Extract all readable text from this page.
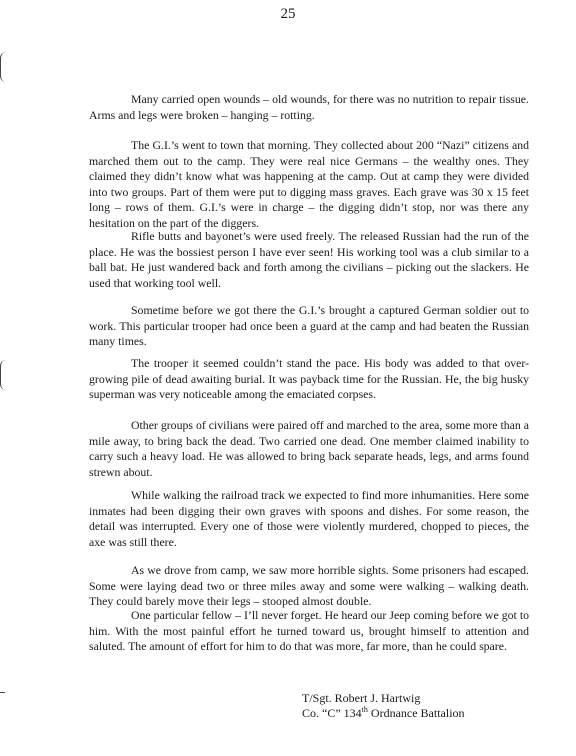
25

Many carried open wounds – old wounds, for there was no nutrition to repair tissue. Arms and legs were broken – hanging – rotting.

The G.I.’s went to town that morning. They collected about 200 “Nazi” citizens and marched them out to the camp. They were real nice Germans – the wealthy ones. They claimed they didn’t know what was happening at the camp. Out at camp they were divided into two groups. Part of them were put to digging mass graves. Each grave was 30 x 15 feet long – rows of them. G.I.’s were in charge – the digging didn’t stop, nor was there any hesitation on the part of the diggers.

Rifle butts and bayonet’s were used freely. The released Russian had the run of the place. He was the bossiest person I have ever seen! His working tool was a club similar to a ball bat. He just wandered back and forth among the civilians – picking out the slackers. He used that working tool well.

Sometime before we got there the G.I.’s brought a captured German soldier out to work. This particular trooper had once been a guard at the camp and had beaten the Russian many times.

The trooper it seemed couldn’t stand the pace. His body was added to that over-growing pile of dead awaiting burial. It was payback time for the Russian. He, the big husky superman was very noticeable among the emaciated corpses.

Other groups of civilians were paired off and marched to the area, some more than a mile away, to bring back the dead. Two carried one dead. One member claimed inability to carry such a heavy load. He was allowed to bring back separate heads, legs, and arms found strewn about.

While walking the railroad track we expected to find more inhumanities. Here some inmates had been digging their own graves with spoons and dishes. For some reason, the detail was interrupted. Every one of those were violently murdered, chopped to pieces, the axe was still there.

As we drove from camp, we saw more horrible sights. Some prisoners had escaped. Some were laying dead two or three miles away and some were walking – walking death. They could barely move their legs – stooped almost double.

One particular fellow – I’ll never forget. He heard our Jeep coming before we got to him. With the most painful effort he turned toward us, brought himself to attention and saluted. The amount of effort for him to do that was more, far more, than he could spare.

T/Sgt. Robert J. Hartwig
Co. “C” 134th Ordnance Battalion
